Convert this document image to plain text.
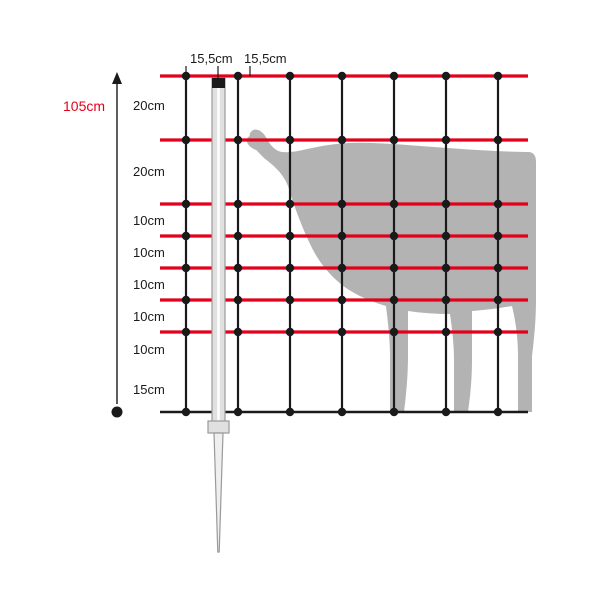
105cm
15,5cm 15,5cm
20cm
20cm
10cm
10cm
10cm
10cm
10cm
15cm
